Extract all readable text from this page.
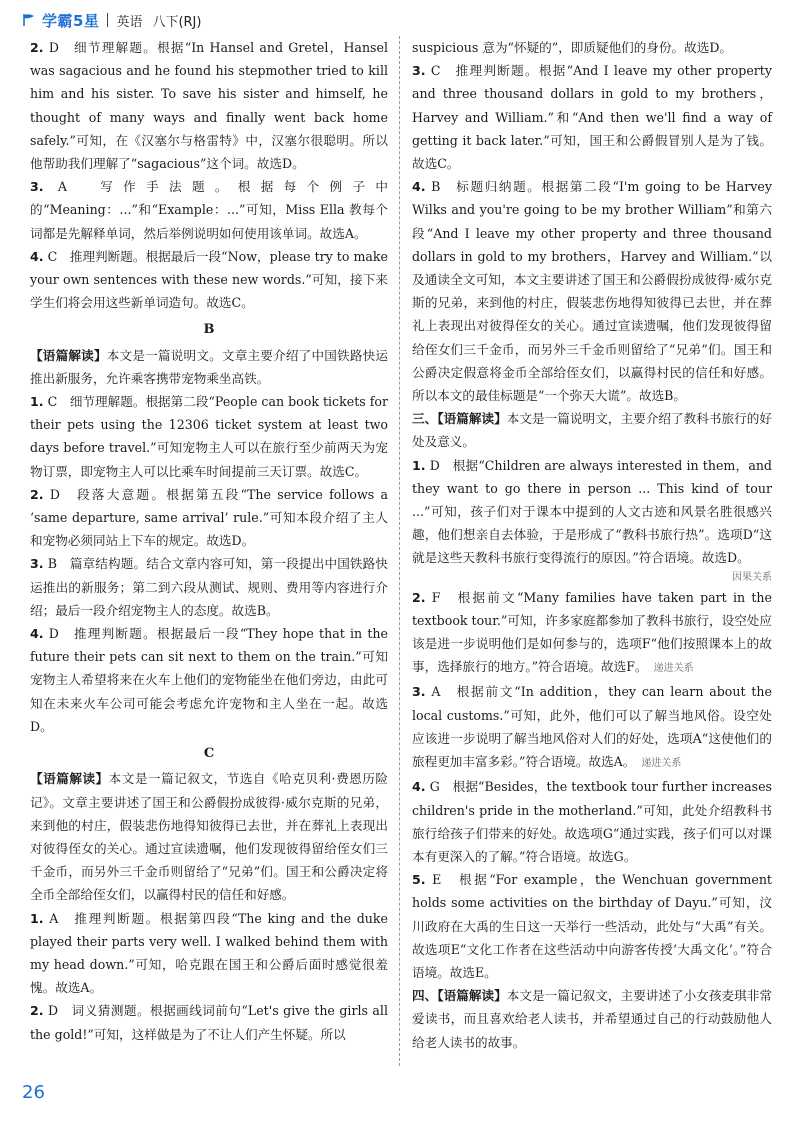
学霸5星 英语 八下(RJ)

2. D　细节理解题。根据“In Hansel and Gretel，Hansel was sagacious and he found his stepmother tried to kill him and his sister. To save his sister and himself, he thought of many ways and finally went back home safely.”可知，在《汉塞尔与格雷特》中，汉塞尔很聪明。所以他帮助我们理解了“sagacious”这个词。故选D。

3. A　写作手法题。根据每个例子中的“Meaning：...”和“Example：...”可知，Miss Ella 教每个词都是先解释单词，然后举例说明如何使用该单词。故选A。

4. C　推理判断题。根据最后一段“Now，please try to make your own sentences with these new words.”可知，接下来学生们将会用这些新单词造句。故选C。

B

【语篇解读】本文是一篇说明文。文章主要介绍了中国铁路快运推出新服务，允许乘客携带宠物乘坐高铁。

1. C　细节理解题。根据第二段“People can book tickets for their pets using the 12306 ticket system at least two days before travel.”可知宠物主人可以在旅行至少前两天为宠物订票，即宠物主人可以比乘车时间提前三天订票。故选C。

2. D　段落大意题。根据第五段“The service follows a ‘same departure, same arrival’ rule.”可知本段介绍了主人和宠物必须同站上下车的规定。故选D。

3. B　篇章结构题。结合文章内容可知，第一段提出中国铁路快运推出的新服务；第二到六段从测试、规则、费用等内容进行介绍；最后一段介绍宠物主人的态度。故选B。

4. D　推理判断题。根据最后一段“They hope that in the future their pets can sit next to them on the train.”可知宠物主人希望将来在火车上他们的宠物能坐在他们旁边，由此可知在未来火车公司可能会考虑允许宠物和主人坐在一起。故选D。

C

【语篇解读】本文是一篇记叙文，节选自《哈克贝利·费恩历险记》。文章主要讲述了国王和公爵假扮成彼得·威尔克斯的兄弟，来到他的村庄，假装悲伤地得知彼得已去世，并在葬礼上表现出对彼得侄女的关心。通过宣读遗嘱，他们发现彼得留给侄女们三千金币，而另外三千金币则留给了“兄弟”们。国王和公爵决定将全币全部给侄女们，以赢得村民的信任和好感。

1. A　推理判断题。根据第四段“The king and the duke played their parts very well. I walked behind them with my head down.”可知，哈克跟在国王和公爵后面时感觉很羞愧。故选A。

2. D　词义猜测题。根据画线词前句“Let's give the girls all the gold!”可知，这样做是为了不让人们产生怀疑。所以

suspicious 意为“怀疑的”，即质疑他们的身份。故选D。

3. C　推理判断题。根据“And I leave my other property and three thousand dollars in gold to my brothers，Harvey and William.”和“And then we'll find a way of getting it back later.”可知，国王和公爵假冒别人是为了钱。故选C。

4. B　标题归纳题。根据第二段“I'm going to be Harvey Wilks and you're going to be my brother William”和第六段“And I leave my other property and three thousand dollars in gold to my brothers，Harvey and William.”以及通读全文可知，本文主要讲述了国王和公爵假扮成彼得·威尔克斯的兄弟，来到他的村庄，假装悲伤地得知彼得已去世，并在葬礼上表现出对彼得侄女的关心。通过宣读遗嘱，他们发现彼得留给侄女们三千金币，而另外三千金币则留给了“兄弟”们。国王和公爵决定假意将金币全部给侄女们，以赢得村民的信任和好感。所以本文的最佳标题是“一个弥天大谎”。故选B。

三、【语篇解读】本文是一篇说明文，主要介绍了教科书旅行的好处及意义。

1. D　根据“Children are always interested in them，and they want to go there in person ... This kind of tour ...”可知，孩子们对于课本中提到的人文古迹和风景名胜很感兴趣，他们想亲自去体验，于是形成了“教科书旅行热”。选项D“这就是这些天教科书旅行变得流行的原因。”符合语境。故选D。

因果关系

2. F　根据前文“Many families have taken part in the textbook tour.”可知，许多家庭都参加了教科书旅行，设空处应该是进一步说明他们是如何参与的，选项F“他们按照课本上的故事，选择旅行的地方。”符合语境。故选F。 递进关系

3. A　根据前文“In addition，they can learn about the local customs.”可知，此外，他们可以了解当地风俗。设空处应该进一步说明了解当地风俗对人们的好处，选项A“这使他们的旅程更加丰富多彩。”符合语境。故选A。 递进关系

4. G　根据“Besides，the textbook tour further increases children's pride in the motherland.”可知，此处介绍教科书旅行给孩子们带来的好处。故选项G“通过实践，孩子们可以对课本有更深入的了解。”符合语境。故选G。

5. E　根据“For example，the Wenchuan government holds some activities on the birthday of Dayu.”可知，汶川政府在大禹的生日这一天举行一些活动，此处与“大禹”有关。故选项E“文化工作者在这些活动中向游客传授‘大禹文化’。”符合语境。故选E。

四、【语篇解读】本文是一篇记叙文，主要讲述了小女孩麦琪非常爱读书，而且喜欢给老人读书，并希望通过自己的行动鼓励他人给老人读书的故事。

26
